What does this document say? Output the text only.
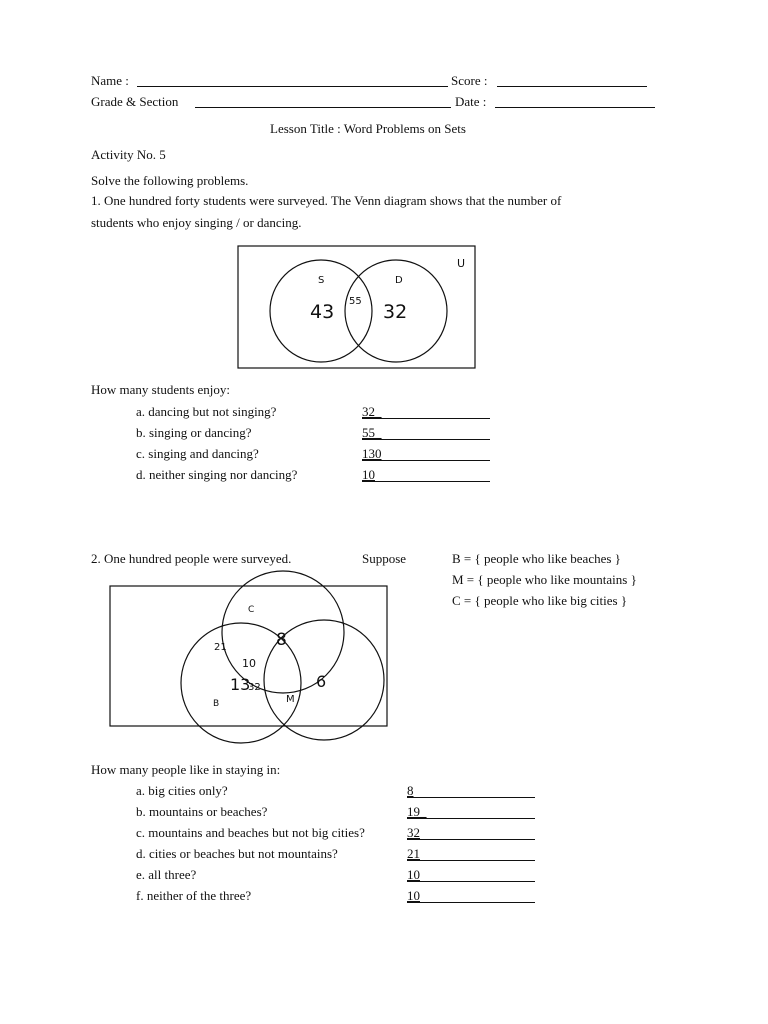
Name :	Score :
Grade & Section	Date :
Lesson Title : Word Problems on Sets
Activity No. 5
Solve the following problems.
1. One hundred forty students were surveyed. The Venn diagram shows that the number of
students who enjoy singing / or dancing.
U
S	D
43 55 32
C
B	M
8
21
10
13
32	6
How many students enjoy:
a. dancing but not singing?	32_
b. singing or dancing?	55_
c. singing and dancing?	130
d. neither singing nor dancing?	10
2. One hundred people were surveyed.	Suppose	B = { people who like beaches }
M = { people who like mountains }
C = { people who like big cities }
How many people like in staying in:
a. big cities only?	8
b. mountains or beaches?	19_
c. mountains and beaches but not big cities?	32
d. cities or beaches but not mountains?	21
e. all three?	10
f. neither of the three?	10
